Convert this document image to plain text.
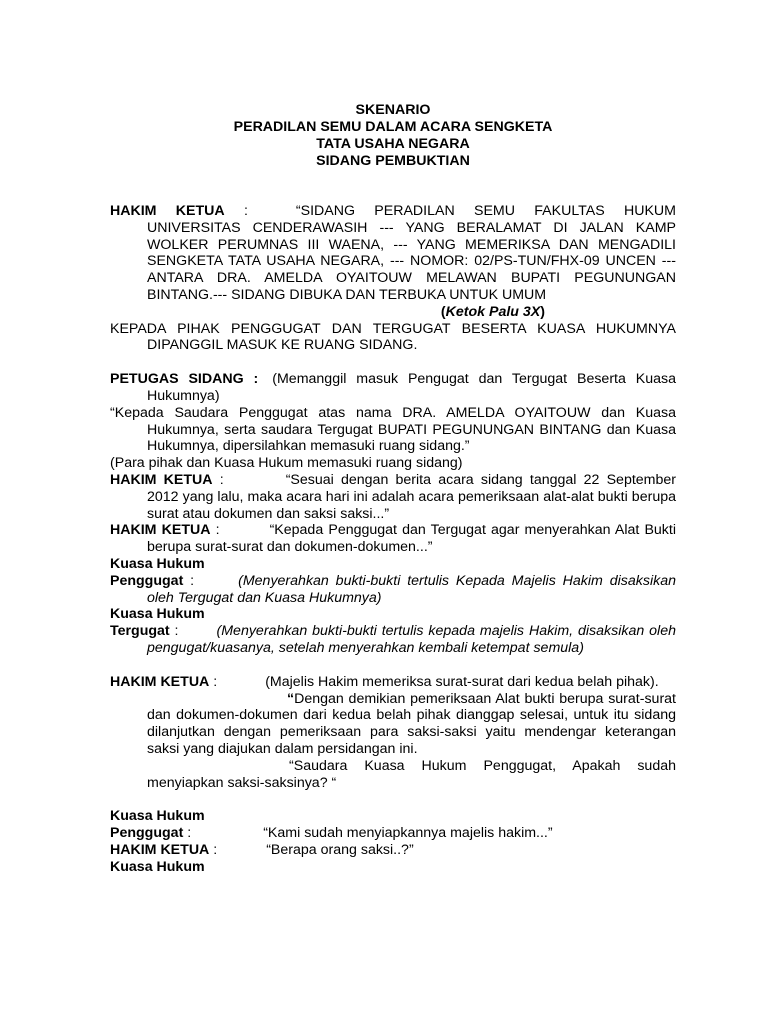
SKENARIO
PERADILAN SEMU DALAM ACARA SENGKETA
TATA USAHA NEGARA
SIDANG PEMBUKTIAN
HAKIM KETUA :	“SIDANG PERADILAN SEMU FAKULTAS HUKUM UNIVERSITAS CENDERAWASIH --- YANG BERALAMAT DI JALAN KAMP WOLKER PERUMNAS III WAENA, --- YANG MEMERIKSA DAN MENGADILI SENGKETA TATA USAHA NEGARA, --- NOMOR: 02/PS-TUN/FHX-09 UNCEN --- ANTARA DRA. AMELDA OYAITOUW MELAWAN BUPATI PEGUNUNGAN BINTANG.--- SIDANG DIBUKA DAN TERBUKA UNTUK UMUM
(Ketok Palu 3X)
KEPADA PIHAK PENGGUGAT DAN TERGUGAT BESERTA KUASA HUKUMNYA DIPANGGIL MASUK KE RUANG SIDANG.
PETUGAS SIDANG : (Memanggil masuk Pengugat dan Tergugat Beserta Kuasa Hukumnya)
“Kepada Saudara Penggugat atas nama DRA. AMELDA OYAITOUW dan Kuasa Hukumnya, serta saudara Tergugat BUPATI PEGUNUNGAN BINTANG dan Kuasa Hukumnya, dipersilahkan memasuki ruang sidang.”
(Para pihak dan Kuasa Hukum memasuki ruang sidang)
HAKIM KETUA :	“Sesuai dengan berita acara sidang tanggal 22 September 2012 yang lalu, maka acara hari ini adalah acara pemeriksaan alat-alat bukti berupa surat atau dokumen dan saksi saksi...”
HAKIM KETUA :	“Kepada Penggugat dan Tergugat agar menyerahkan Alat Bukti berupa surat-surat dan dokumen-dokumen...”
Kuasa Hukum
Penggugat :	(Menyerahkan bukti-bukti tertulis Kepada Majelis Hakim disaksikan oleh Tergugat dan Kuasa Hukumnya)
Kuasa Hukum
Tergugat :	(Menyerahkan bukti-bukti tertulis kepada majelis Hakim, disaksikan oleh pengugat/kuasanya, setelah menyerahkan kembali ketempat semula)
HAKIM KETUA :	(Majelis Hakim memeriksa surat-surat dari kedua belah pihak).
“Dengan demikian pemeriksaan Alat bukti berupa surat-surat dan dokumen-dokumen dari kedua belah pihak dianggap selesai, untuk itu sidang dilanjutkan dengan pemeriksaan para saksi-saksi yaitu mendengar keterangan saksi yang diajukan dalam persidangan ini.
“Saudara Kuasa Hukum Penggugat, Apakah sudah menyiapkan saksi-saksinya? “
Kuasa Hukum
Penggugat :	“Kami sudah menyiapkannya majelis hakim...”
HAKIM KETUA :	“Berapa orang saksi..?”
Kuasa Hukum
